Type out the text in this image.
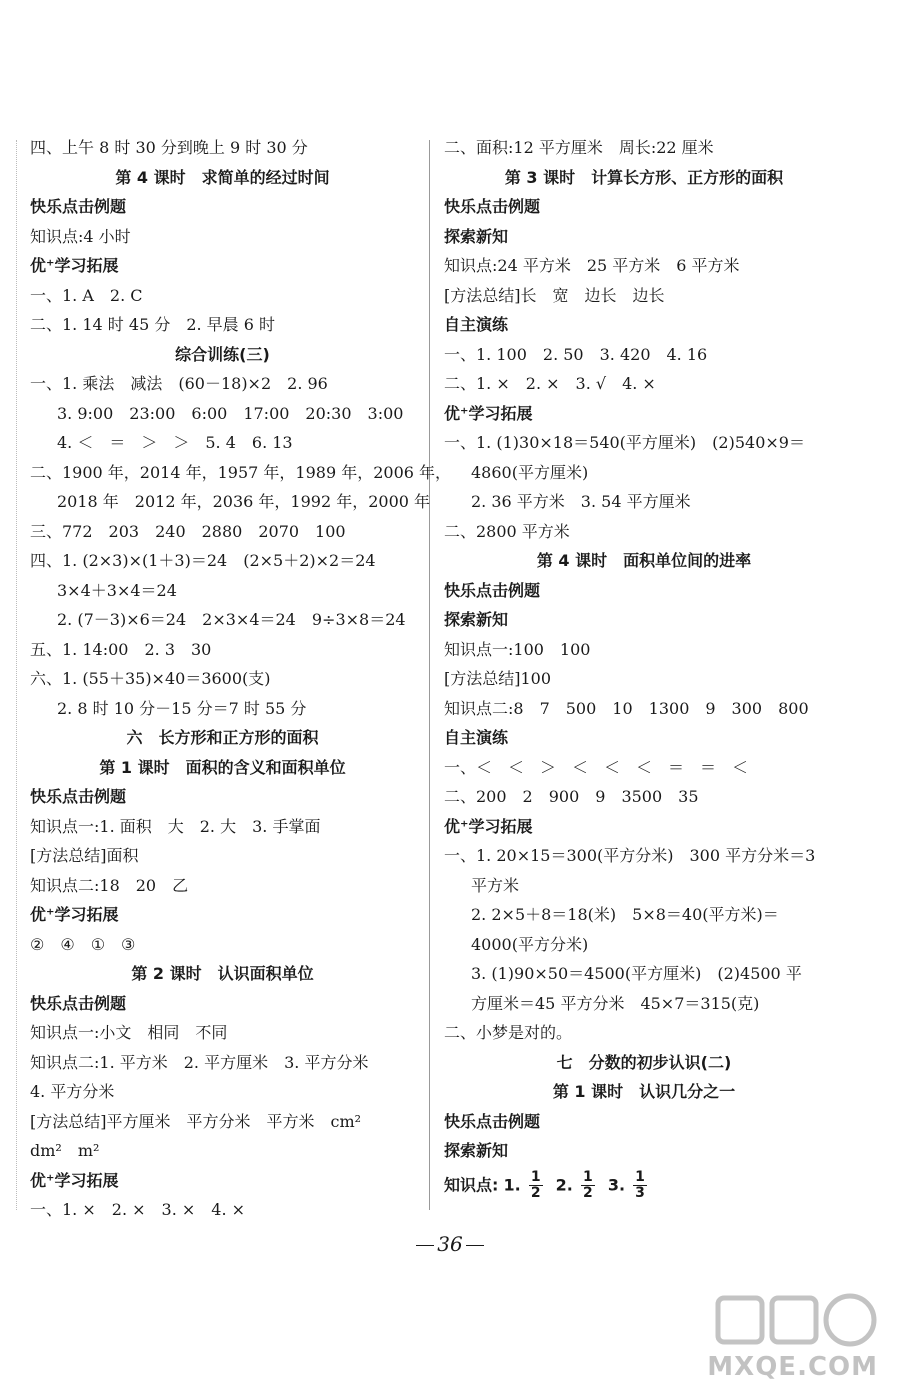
四、上午 8 时 30 分到晚上 9 时 30 分
第 4 课时　求简单的经过时间
快乐点击例题
知识点:4 小时
优⁺学习拓展
一、1. A　2. C
二、1. 14 时 45 分　2. 早晨 6 时
综合训练(三)
一、1. 乘法　减法　(60－18)×2　2. 96
3. 9:00　23:00　6:00　17:00　20:30　3:00
4. ＜　＝　＞　＞　5. 4　6. 13
二、1900 年，2014 年，1957 年，1989 年，2006 年，
2018 年　2012 年，2036 年，1992 年，2000 年
三、772　203　240　2880　2070　100
四、1. (2×3)×(1＋3)＝24　(2×5＋2)×2＝24
3×4＋3×4＝24
2. (7－3)×6＝24　2×3×4＝24　9÷3×8＝24
五、1. 14:00　2. 3　30
六、1. (55＋35)×40＝3600(支)
2. 8 时 10 分－15 分＝7 时 55 分
六　长方形和正方形的面积
第 1 课时　面积的含义和面积单位
快乐点击例题
知识点一:1. 面积　大　2. 大　3. 手掌面
[方法总结]面积
知识点二:18　20　乙
优⁺学习拓展
②　④　①　③
第 2 课时　认识面积单位
快乐点击例题
知识点一:小文　相同　不同
知识点二:1. 平方米　2. 平方厘米　3. 平方分米
4. 平方分米
[方法总结]平方厘米　平方分米　平方米　cm²
dm²　m²
优⁺学习拓展
一、1. ×　2. ×　3. ×　4. ×
二、面积:12 平方厘米　周长:22 厘米
第 3 课时　计算长方形、正方形的面积
快乐点击例题
探索新知
知识点:24 平方米　25 平方米　6 平方米
[方法总结]长　宽　边长　边长
自主演练
一、1. 100　2. 50　3. 420　4. 16
二、1. ×　2. ×　3. √　4. ×
优⁺学习拓展
一、1. (1)30×18＝540(平方厘米)　(2)540×9＝
4860(平方厘米)
2. 36 平方米　3. 54 平方厘米
二、2800 平方米
第 4 课时　面积单位间的进率
快乐点击例题
探索新知
知识点一:100　100
[方法总结]100
知识点二:8　7　500　10　1300　9　300　800
自主演练
一、＜　＜　＞　＜　＜　＜　＝　＝　＜
二、200　2　900　9　3500　35
优⁺学习拓展
一、1. 20×15＝300(平方分米)　300 平方分米＝3
平方米
2. 2×5＋8＝18(米)　5×8＝40(平方米)＝
4000(平方分米)
3. (1)90×50＝4500(平方厘米)　(2)4500 平
方厘米＝45 平方分米　45×7＝315(克)
二、小梦是对的。
七　分数的初步认识(二)
第 1 课时　认识几分之一
快乐点击例题
探索新知
知识点: 1. $\frac{1}{2} 2$. $\frac{1}{2} 3$. $\frac{1}{3}$
36
MXQE.COM
